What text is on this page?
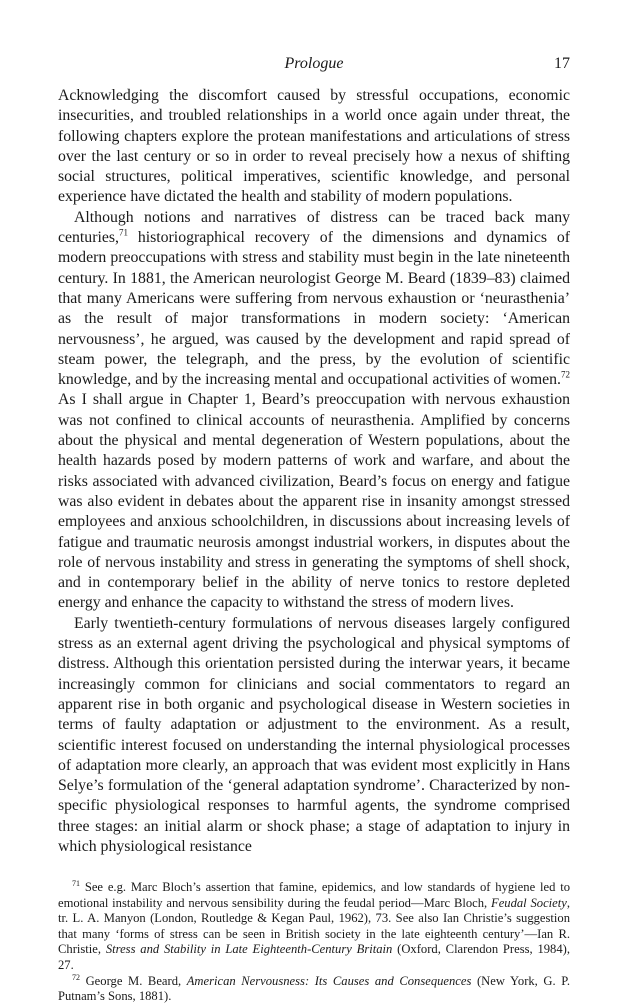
Prologue	17

Acknowledging the discomfort caused by stressful occupations, economic insecurities, and troubled relationships in a world once again under threat, the following chapters explore the protean manifestations and articulations of stress over the last century or so in order to reveal precisely how a nexus of shifting social structures, political imperatives, scientific knowledge, and personal experience have dictated the health and stability of modern populations.

Although notions and narratives of distress can be traced back many centuries,$^{71}$ historiographical recovery of the dimensions and dynamics of modern preoccupations with stress and stability must begin in the late nineteenth century. In 1881, the American neurologist George M. Beard (1839–83) claimed that many Americans were suffering from nervous exhaustion or ‘neurasthenia’ as the result of major transformations in modern society: ‘American nervousness’, he argued, was caused by the development and rapid spread of steam power, the telegraph, and the press, by the evolution of scientific knowledge, and by the increasing mental and occupational activities of women.$^{72}$ As I shall argue in Chapter 1, Beard’s preoccupation with nervous exhaustion was not confined to clinical accounts of neurasthenia. Amplified by concerns about the physical and mental degeneration of Western populations, about the health hazards posed by modern patterns of work and warfare, and about the risks associated with advanced civilization, Beard’s focus on energy and fatigue was also evident in debates about the apparent rise in insanity amongst stressed employees and anxious schoolchildren, in discussions about increasing levels of fatigue and traumatic neurosis amongst industrial workers, in disputes about the role of nervous instability and stress in generating the symptoms of shell shock, and in contemporary belief in the ability of nerve tonics to restore depleted energy and enhance the capacity to withstand the stress of modern lives.

Early twentieth-century formulations of nervous diseases largely configured stress as an external agent driving the psychological and physical symptoms of distress. Although this orientation persisted during the interwar years, it became increasingly common for clinicians and social commentators to regard an apparent rise in both organic and psychological disease in Western societies in terms of faulty adaptation or adjustment to the environment. As a result, scientific interest focused on understanding the internal physiological processes of adaptation more clearly, an approach that was evident most explicitly in Hans Selye’s formulation of the ‘general adaptation syndrome’. Characterized by non-specific physiological responses to harmful agents, the syndrome comprised three stages: an initial alarm or shock phase; a stage of adaptation to injury in which physiological resistance

$^{71}$ See e.g. Marc Bloch’s assertion that famine, epidemics, and low standards of hygiene led to emotional instability and nervous sensibility during the feudal period—Marc Bloch, Feudal Society, tr. L. A. Manyon (London, Routledge & Kegan Paul, 1962), 73. See also Ian Christie’s suggestion that many ‘forms of stress can be seen in British society in the late eighteenth century’—Ian R. Christie, Stress and Stability in Late Eighteenth-Century Britain (Oxford, Clarendon Press, 1984), 27.

$^{72}$ George M. Beard, American Nervousness: Its Causes and Consequences (New York, G. P. Putnam’s Sons, 1881).
